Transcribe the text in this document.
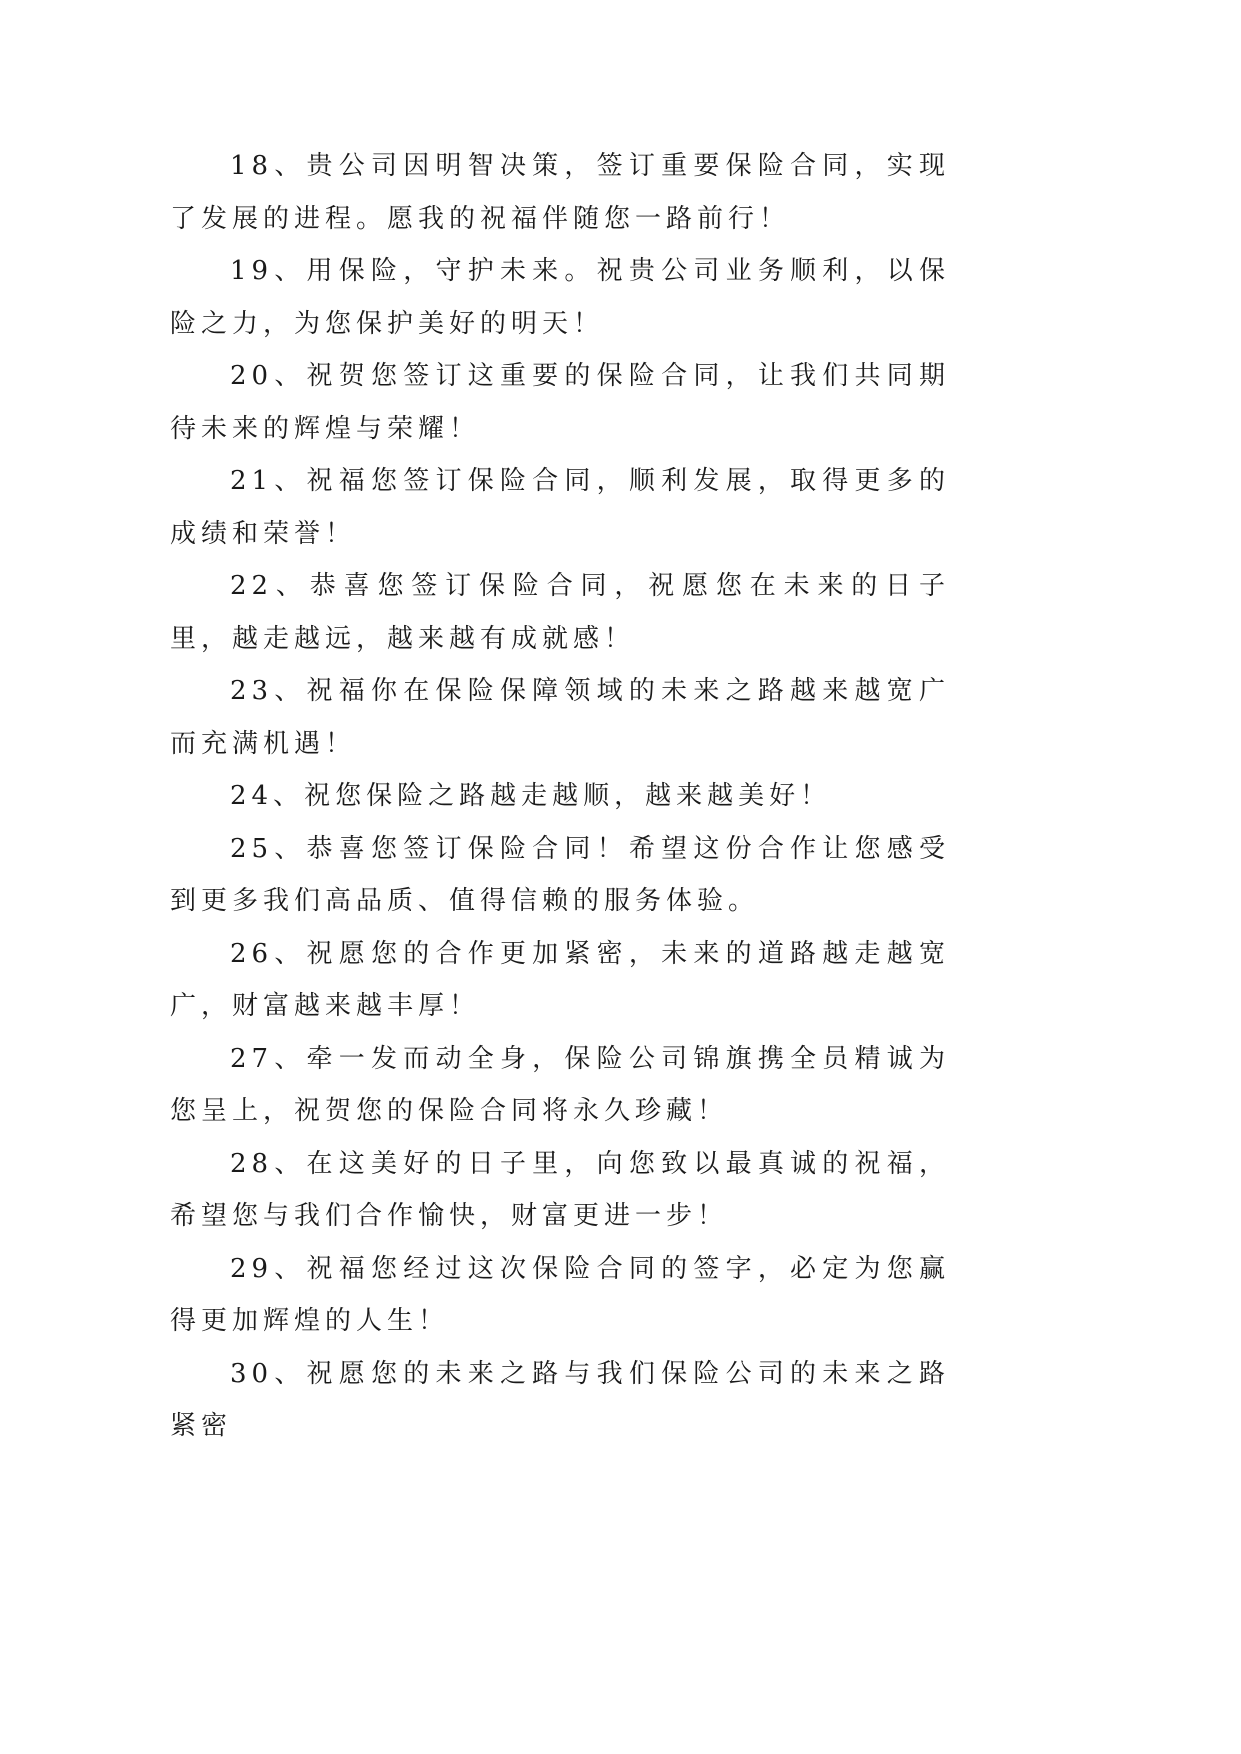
18、贵公司因明智决策，签订重要保险合同，实现了发展的进程。愿我的祝福伴随您一路前行！

19、用保险，守护未来。祝贵公司业务顺利，以保险之力，为您保护美好的明天！

20、祝贺您签订这重要的保险合同，让我们共同期待未来的辉煌与荣耀！

21、祝福您签订保险合同，顺利发展，取得更多的成绩和荣誉！

22、恭喜您签订保险合同，祝愿您在未来的日子里，越走越远，越来越有成就感！

23、祝福你在保险保障领域的未来之路越来越宽广而充满机遇！

24、祝您保险之路越走越顺，越来越美好！

25、恭喜您签订保险合同！希望这份合作让您感受到更多我们高品质、值得信赖的服务体验。

26、祝愿您的合作更加紧密，未来的道路越走越宽广，财富越来越丰厚！

27、牵一发而动全身，保险公司锦旗携全员精诚为您呈上，祝贺您的保险合同将永久珍藏！

28、在这美好的日子里，向您致以最真诚的祝福，希望您与我们合作愉快，财富更进一步！

29、祝福您经过这次保险合同的签字，必定为您赢得更加辉煌的人生！

30、祝愿您的未来之路与我们保险公司的未来之路紧密
